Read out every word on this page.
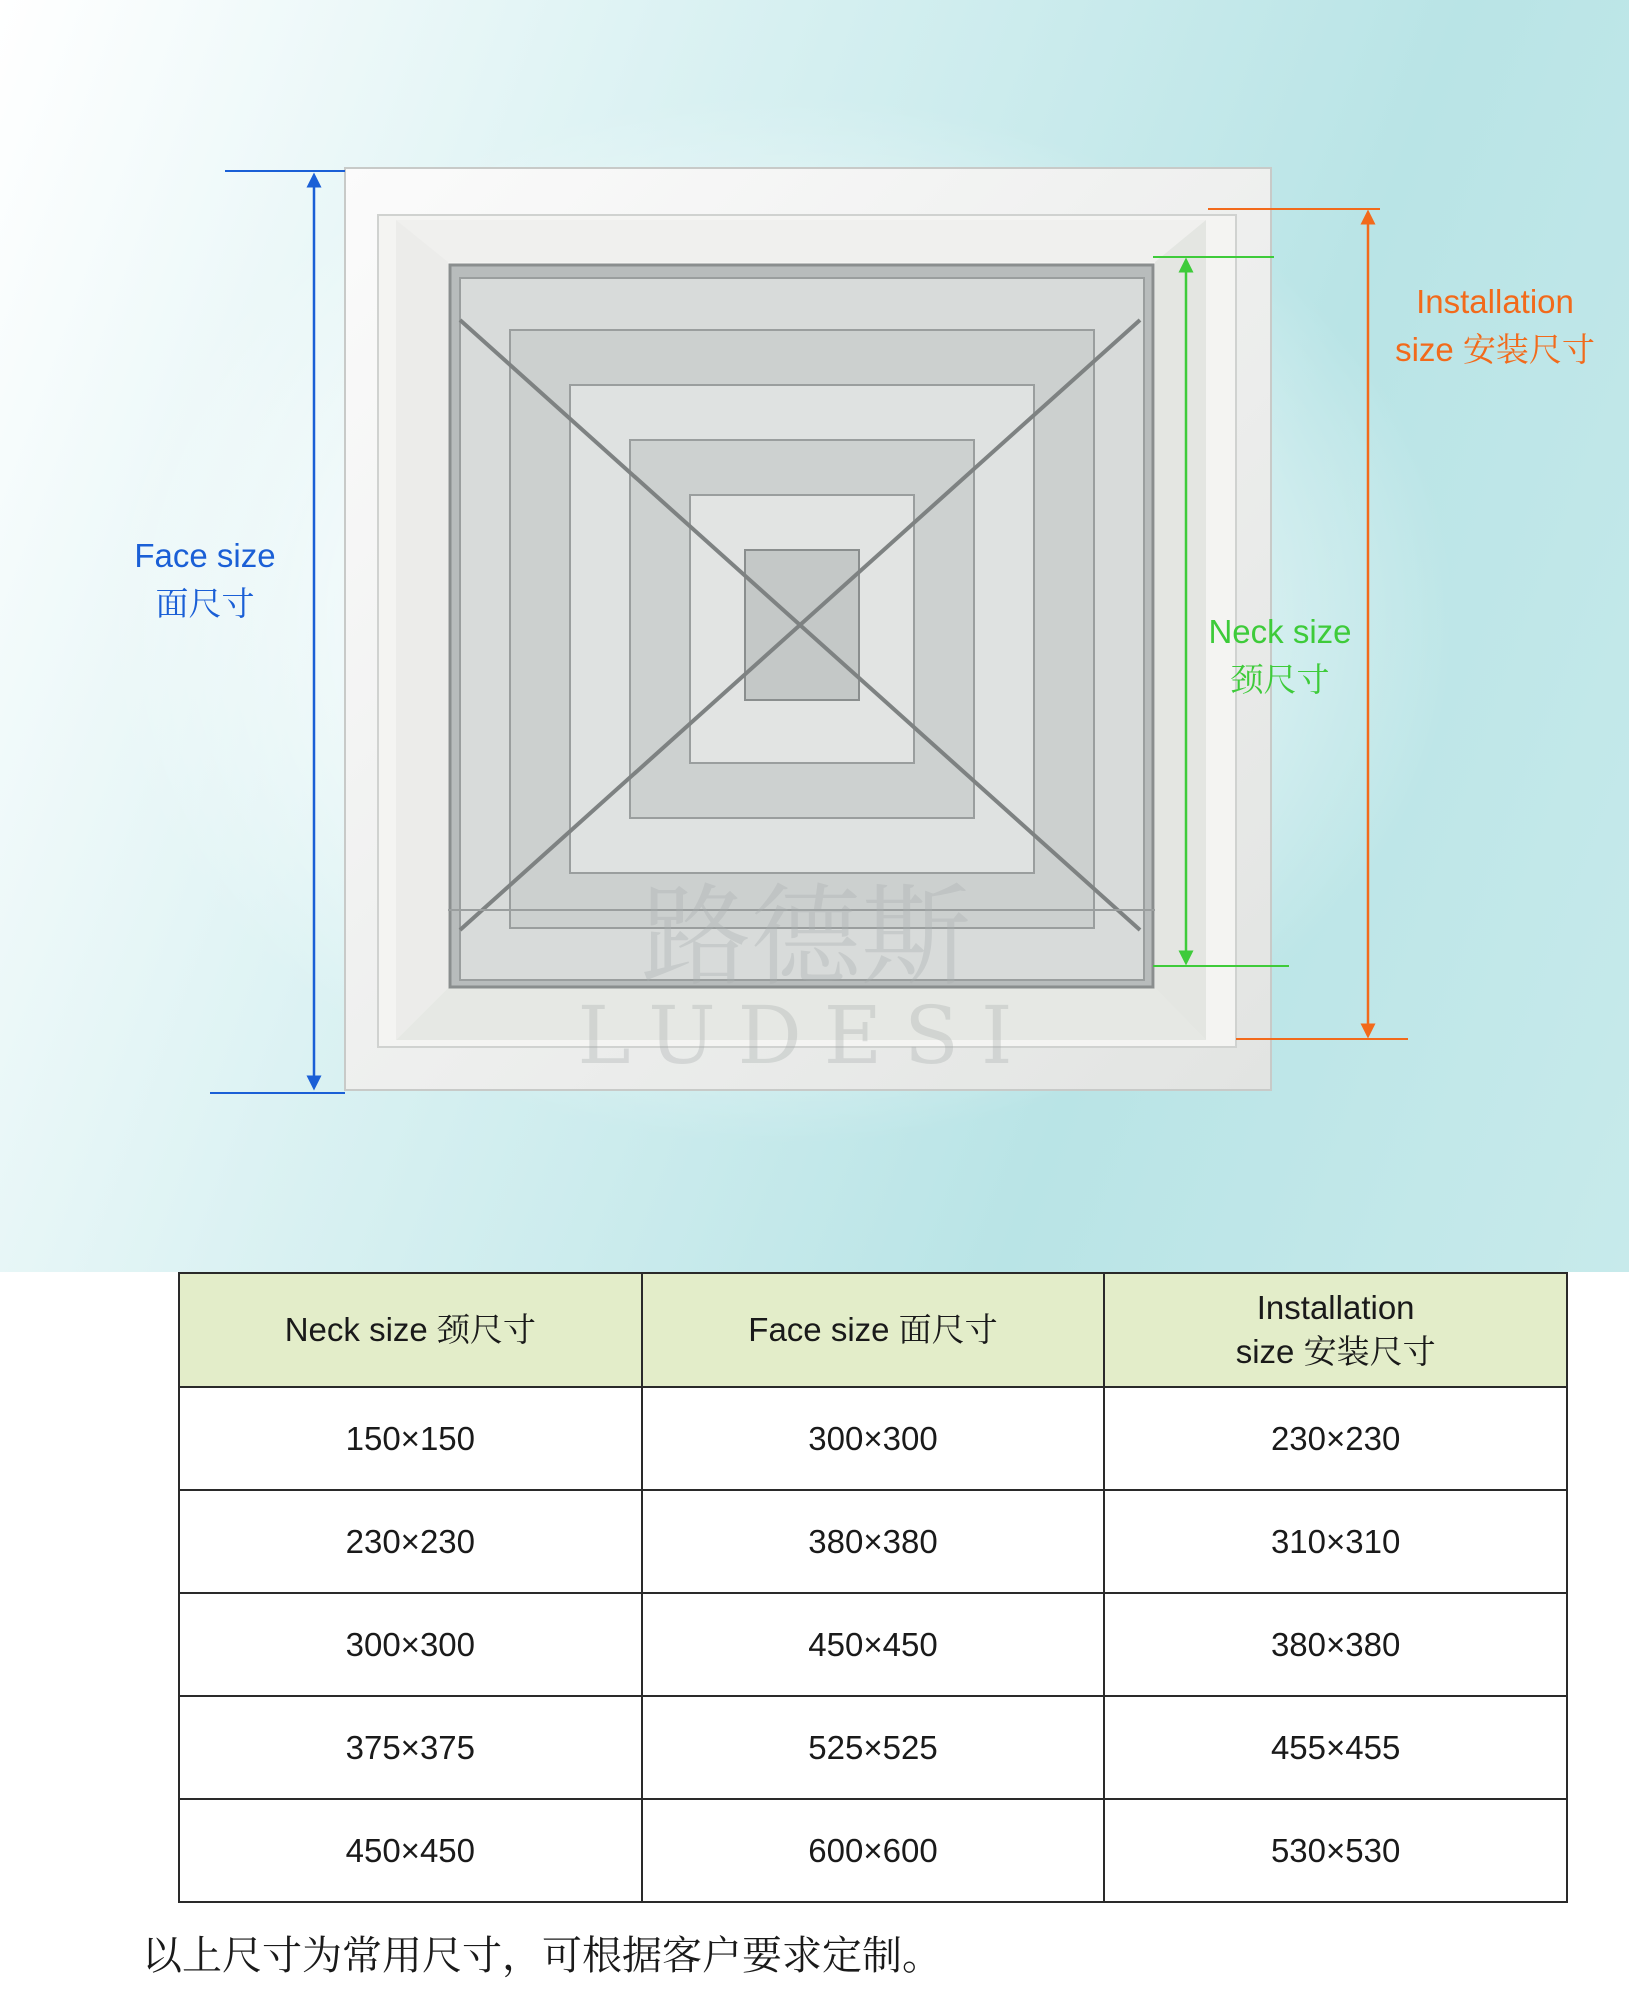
路德斯
LUDESI
Face size
面尺寸
Neck size
颈尺寸
Installation
size 安装尺寸
Neck size 颈尺寸	Face size 面尺寸	Installation
size 安装尺寸

150×150	300×300	230×230
230×230	380×380	310×310
300×300	450×450	380×380
375×375	525×525	455×455
450×450	600×600	530×530
以上尺寸为常用尺寸，可根据客户要求定制。
